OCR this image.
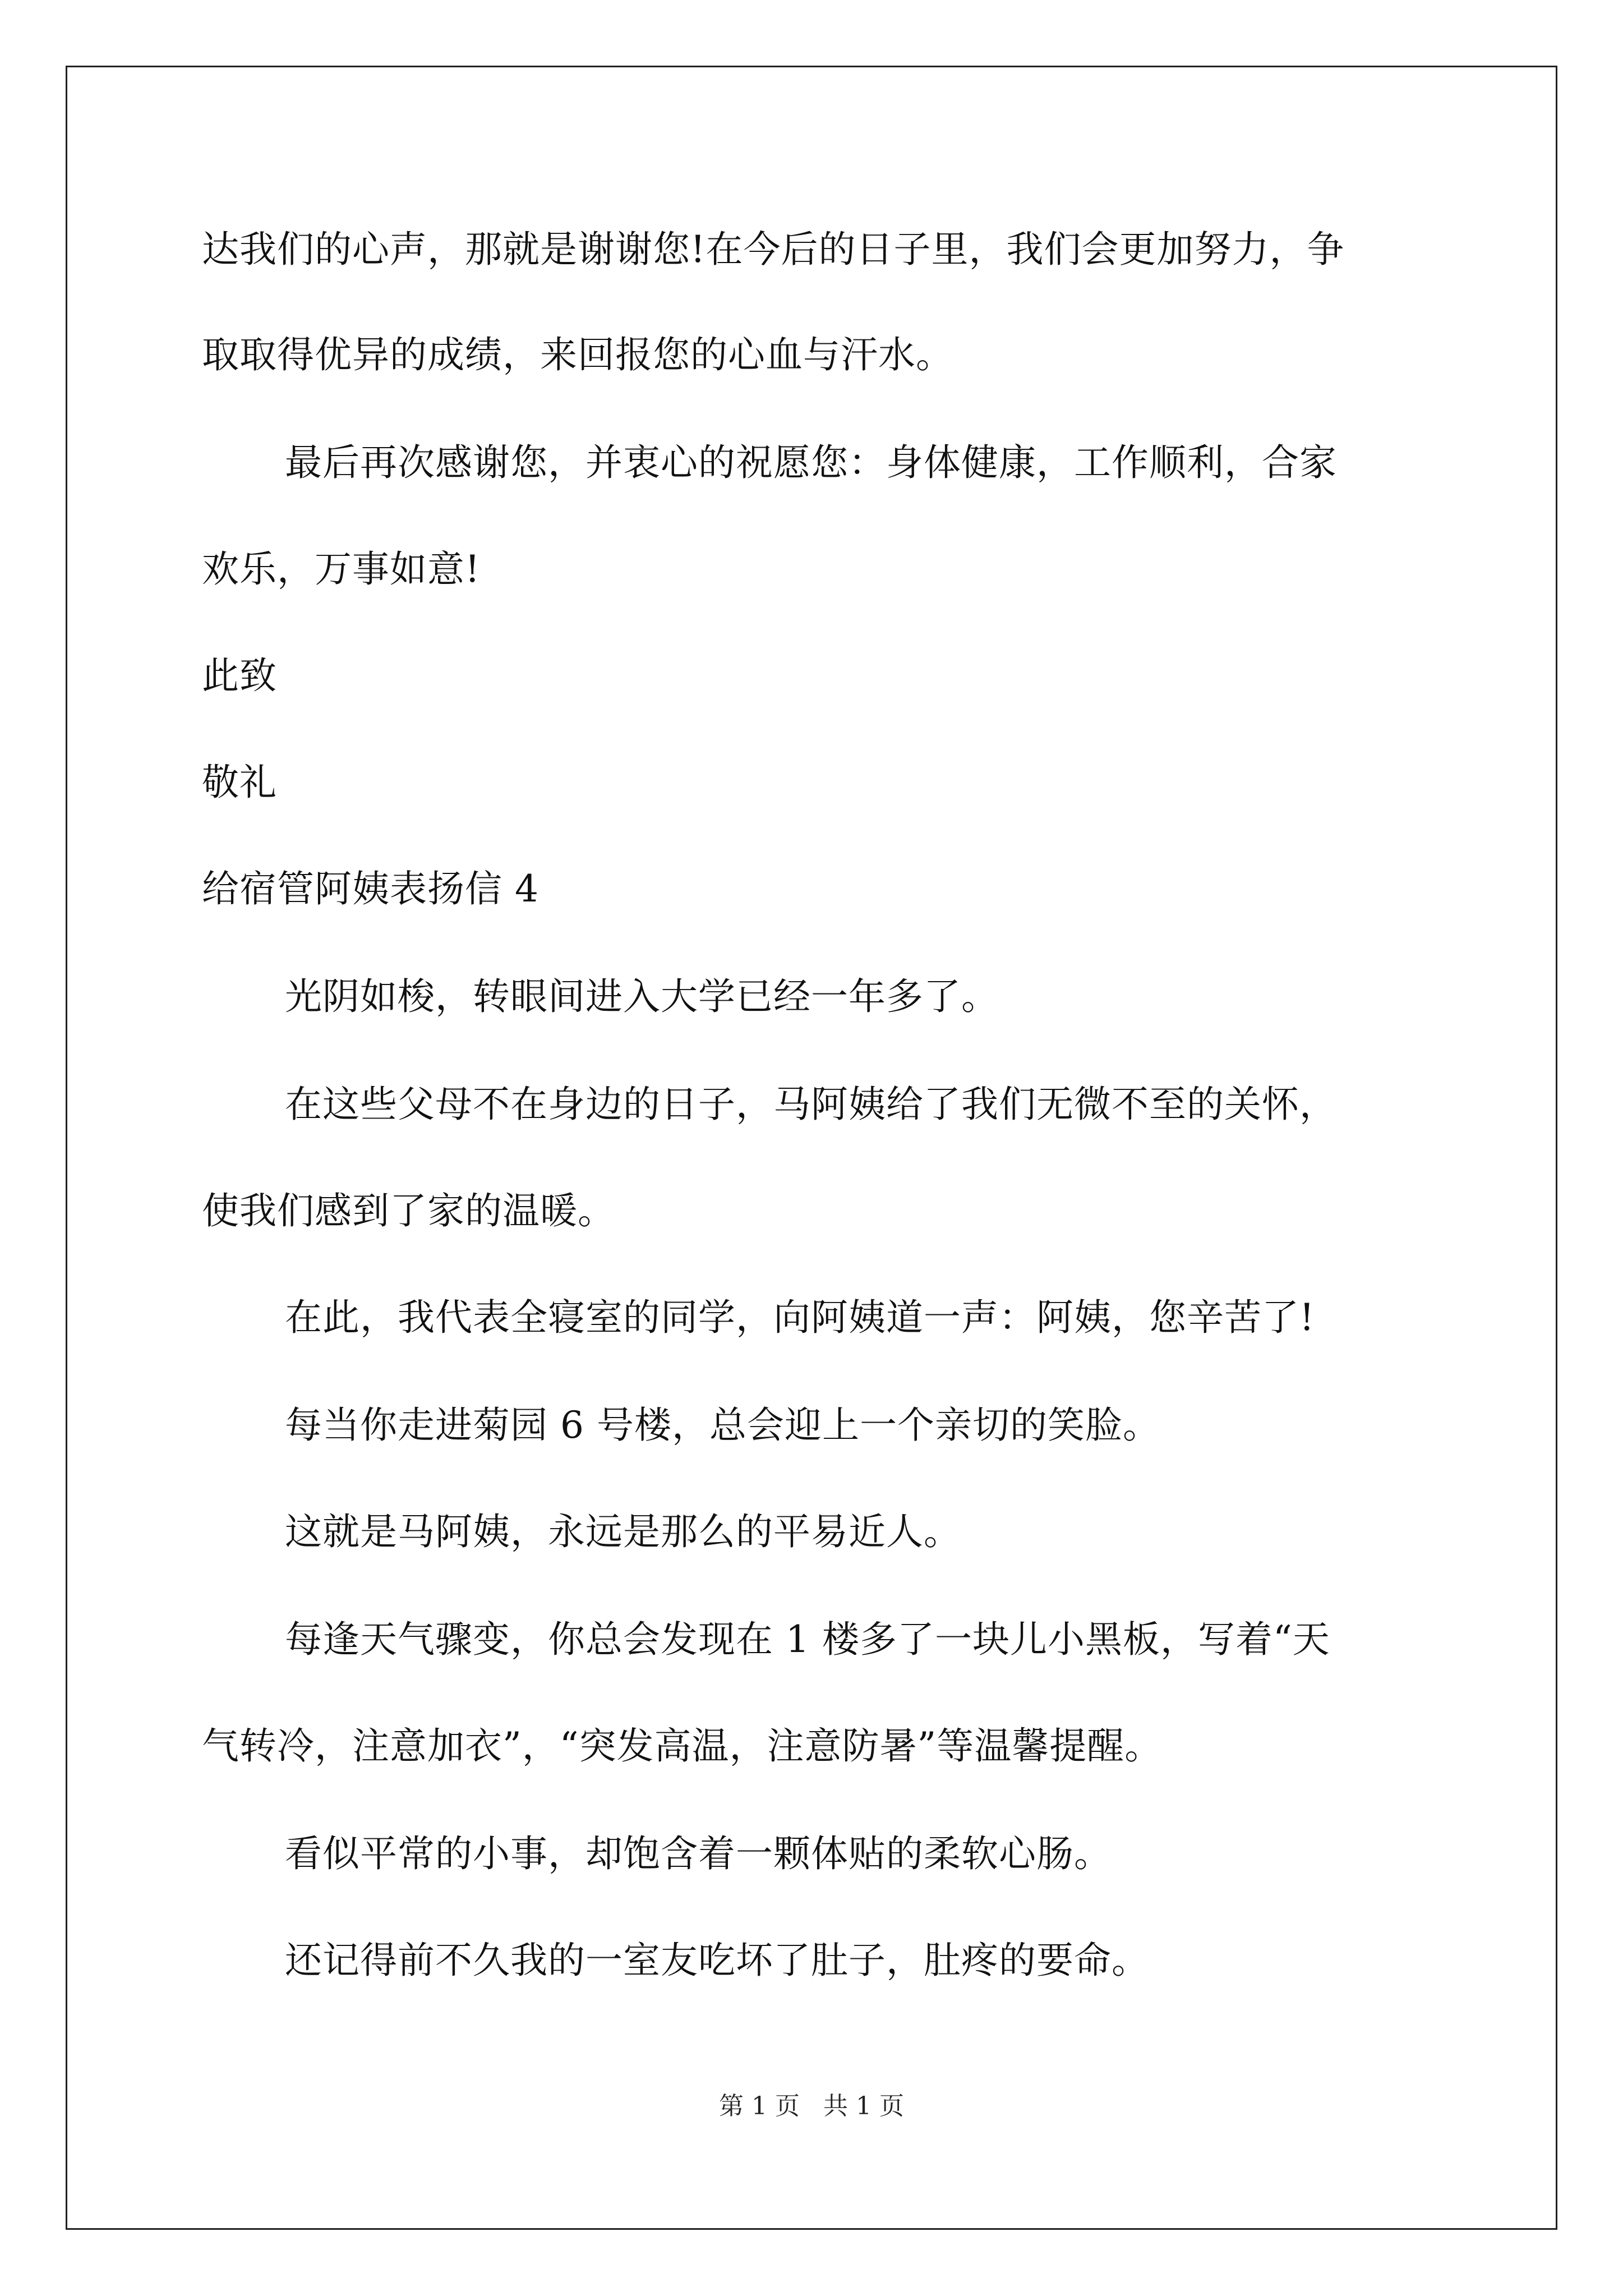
达我们的心声，那就是谢谢您!在今后的日子里，我们会更加努力，争
取取得优异的成绩，来回报您的心血与汗水。
最后再次感谢您，并衷心的祝愿您：身体健康，工作顺利，合家
欢乐，万事如意!
此致
敬礼
给宿管阿姨表扬信 4
光阴如梭，转眼间进入大学已经一年多了。
在这些父母不在身边的日子，马阿姨给了我们无微不至的关怀，
使我们感到了家的温暖。
在此，我代表全寝室的同学，向阿姨道一声：阿姨，您辛苦了!
每当你走进菊园 6 号楼，总会迎上一个亲切的笑脸。
这就是马阿姨，永远是那么的平易近人。
每逢天气骤变，你总会发现在 1 楼多了一块儿小黑板，写着“天
气转冷，注意加衣”，“突发高温，注意防暑”等温馨提醒。
看似平常的小事，却饱含着一颗体贴的柔软心肠。
还记得前不久我的一室友吃坏了肚子，肚疼的要命。
第 1 页   共 1 页
